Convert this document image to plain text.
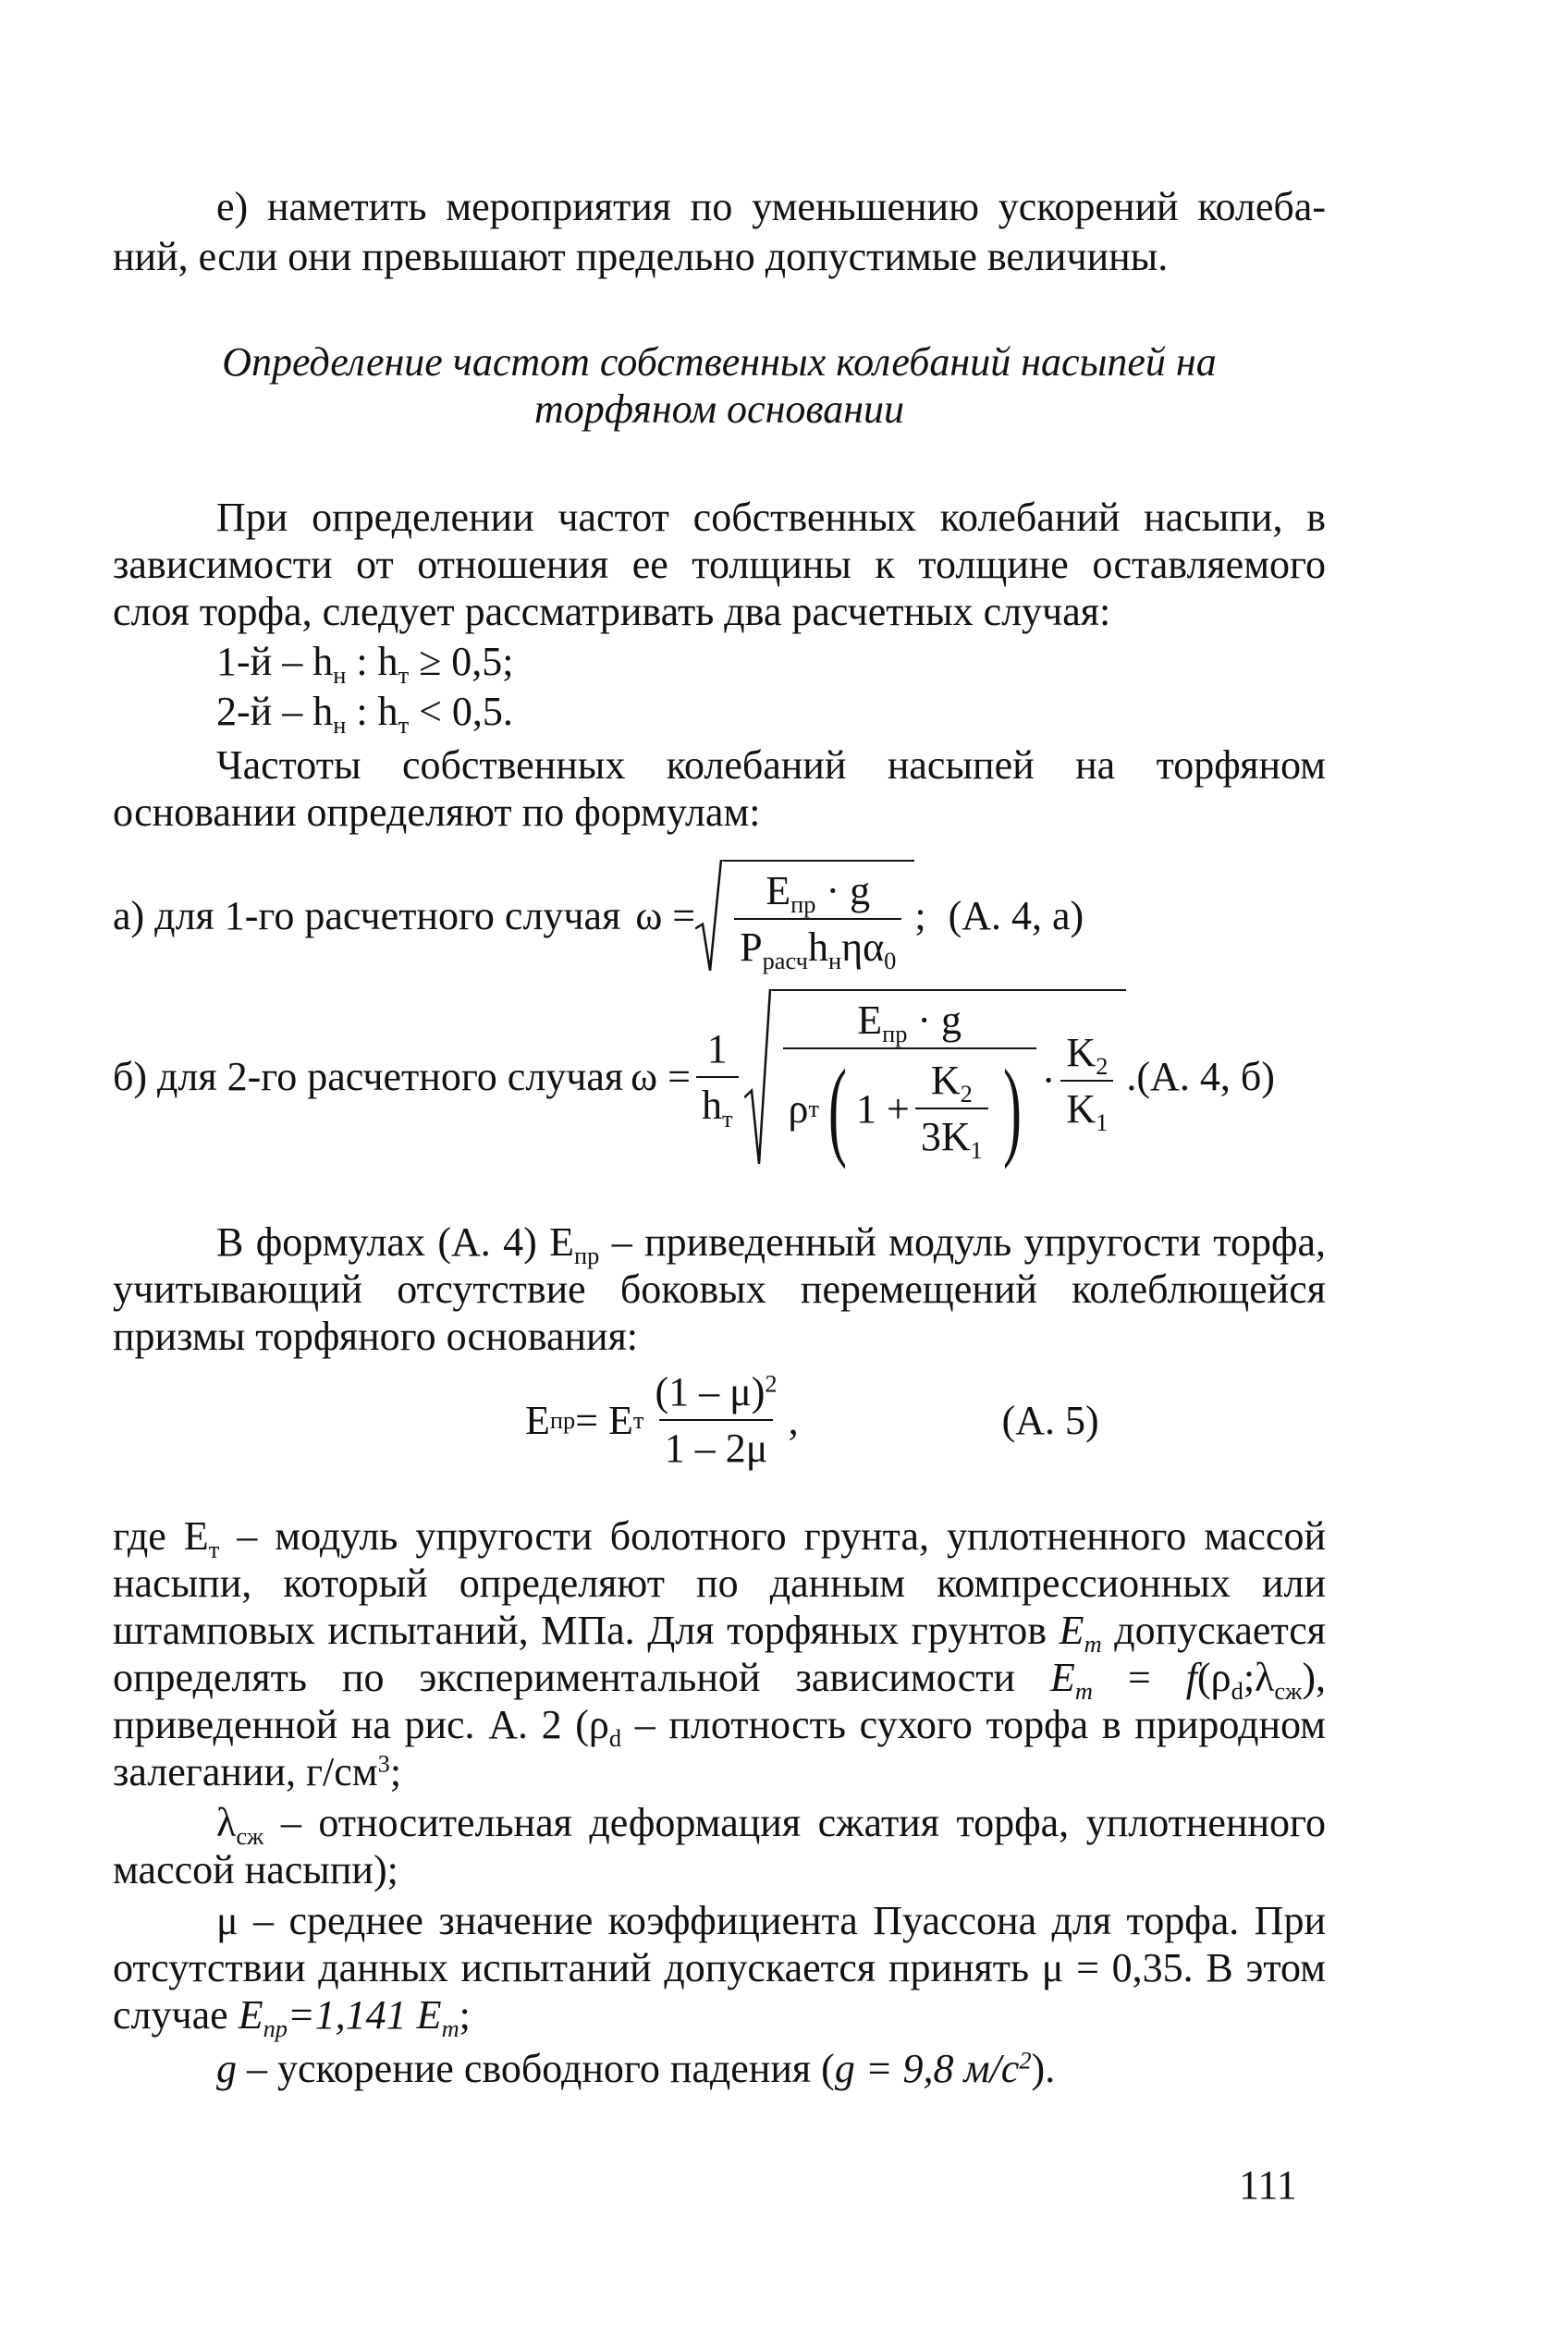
е) наметить мероприятия по уменьшению ускорений колеба-
ний, если они превышают предельно допустимые величины.
Определение частот собственных колебаний насыпей на
торфяном основании
При определении частот собственных колебаний насыпи, в
зависимости от отношения ее толщины к толщине оставляемого
слоя торфа, следует рассматривать два расчетных случая:
$1-й - h_н$ : $h_т \ge 0,5$;
$2-й - h_н$ : $h_т < 0,5$.
Частоты собственных колебаний насыпей на торфяном
основании определяют по формулам:
а) для 1-го расчетного случая $\omega = \frac{E_{пр} \cdot g}{P_{расч}h_н\eta\alpha_0}$ ; (А. 4, а)
б) для 2-го расчетного случая $\omega = \frac{1}{h_т}$
$E_{пр} \cdot g$
ρ т ( $1 + \frac{K_2}{3K_1}$ ) · $\frac{K_2}{K_1} .(А$. 4, б)
В формулах (А. 4) $E_{пр}$ – приведенный модуль упругости торфа,
учитывающий отсутствие боковых перемещений колеблющейся
призмы торфяного основания:
E пр = E т $\frac{(1 - \mu)^2}{1 - 2\mu}$ ,	(А. 5)
где $E_т$ – модуль упругости болотного грунта, уплотненного массой
насыпи, который определяют по данным компрессионных или
штамповых испытаний, МПа. Для торфяных грунтов $E_m$ допускается
определять по экспериментальной зависимости $E_m$ = $f(\rho_d;\lambda_{сж})$,
приведенной на рис. А. 2 ($\rho_d$ – плотность сухого торфа в природном
залегании, $г/см^3$;
$\lambda_{сж}$ – относительная деформация сжатия торфа, уплотненного
массой насыпи);
μ – среднее значение коэффициента Пуассона для торфа. При
отсутствии данных испытаний допускается принять μ = 0,35. В этом
случае $E_{пр}=1,141$ $E_m$;
g – ускорение свободного падения (g = 9,8 $м/с^2$).
111
